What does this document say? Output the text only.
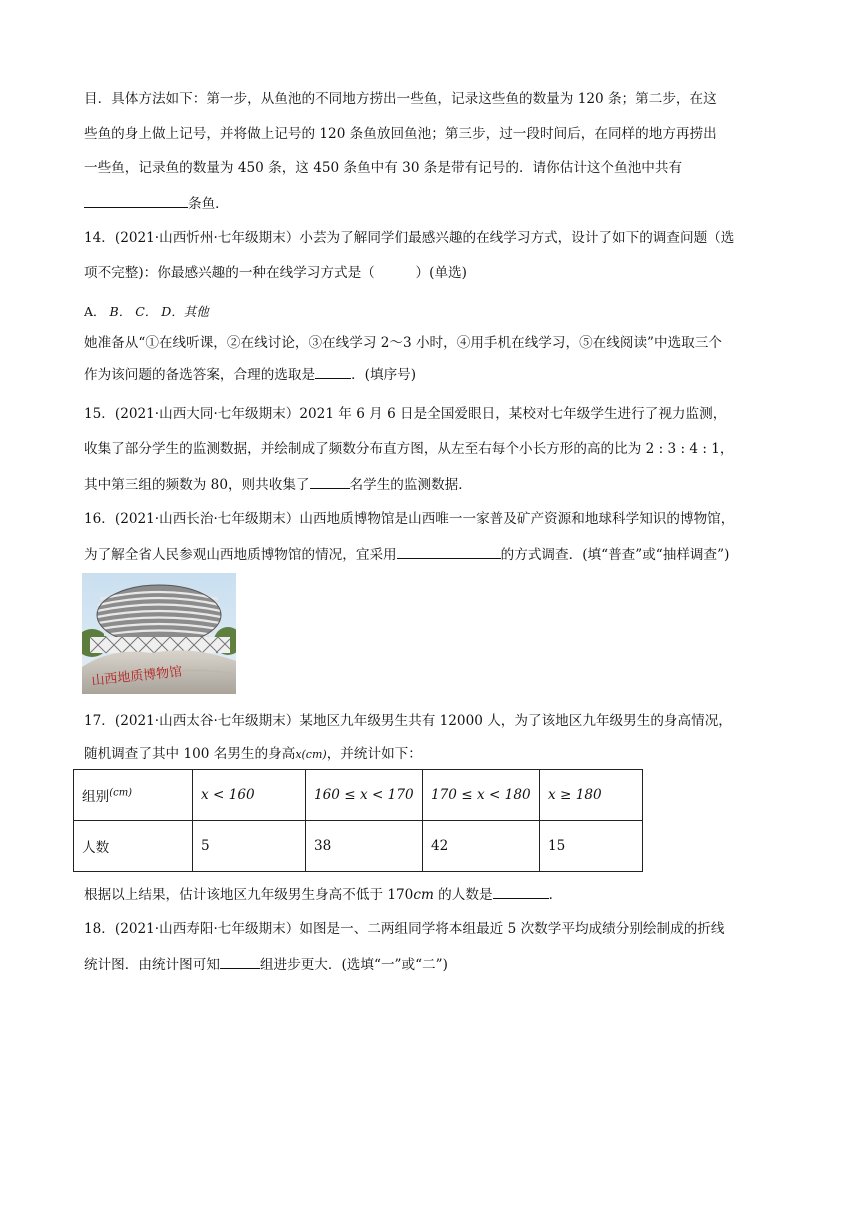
目．具体方法如下：第一步，从鱼池的不同地方捞出一些鱼，记录这些鱼的数量为 120 条；第二步，在这
些鱼的身上做上记号，并将做上记号的 120 条鱼放回鱼池；第三步，过一段时间后，在同样的地方再捞出
一些鱼，记录鱼的数量为 450 条，这 450 条鱼中有 30 条是带有记号的．请你估计这个鱼池中共有
条鱼．
14．(2021·山西忻州·七年级期末）小芸为了解同学们最感兴趣的在线学习方式，设计了如下的调查问题（选
项不完整)：你最感兴趣的一种在线学习方式是（　　　）(单选)
A． B． C． D．其他
她准备从“①在线听课，②在线讨论，③在线学习 2～3 小时，④用手机在线学习，⑤在线阅读”中选取三个
作为该问题的备选答案，合理的选取是	．(填序号)
15．(2021·山西大同·七年级期末）2021 年 6 月 6 日是全国爱眼日，某校对七年级学生进行了视力监测，
收集了部分学生的监测数据，并绘制成了频数分布直方图，从左至右每个小长方形的高的比为 2 : 3 : 4 : 1，
其中第三组的频数为 80，则共收集了	名学生的监测数据．
16．(2021·山西长治·七年级期末）山西地质博物馆是山西唯一一家普及矿产资源和地球科学知识的博物馆，
为了解全省人民参观山西地质博物馆的情况，宜采用	的方式调查．(填“普查”或“抽样调查”)
山西地质博物馆
17．(2021·山西太谷·七年级期末）某地区九年级男生共有 12000 人，为了该地区九年级男生的身高情况，
随机调查了其中 100 名男生的身高x(cm)，并统计如下：
组别$^{(cm)}$	x < 160	160 ≤ x < 170	170 ≤ x < 180	x ≥ 180
人数	5	38	42	15
根据以上结果，估计该地区九年级男生身高不低于 170cm 的人数是	．
18．(2021·山西寿阳·七年级期末）如图是一、二两组同学将本组最近 5 次数学平均成绩分别绘制成的折线
统计图．由统计图可知	组进步更大．(选填“一”或“二”)
